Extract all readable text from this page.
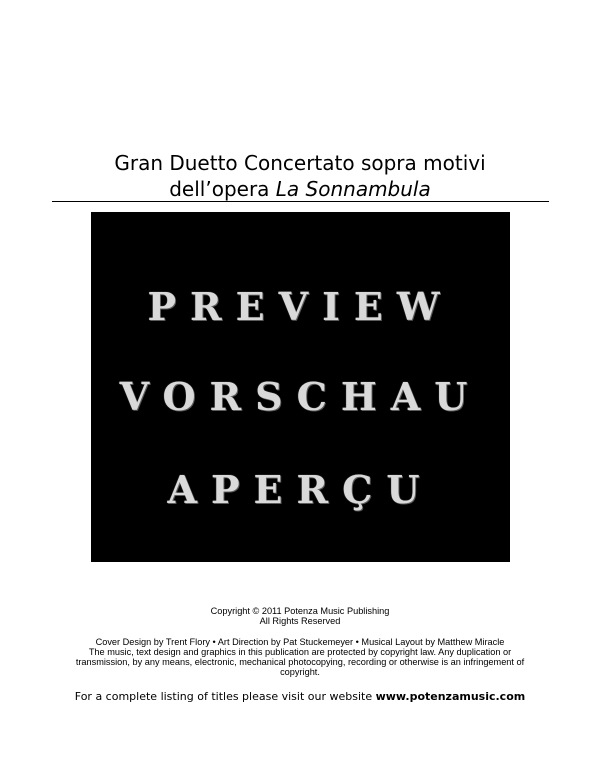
Gran Duetto Concertato sopra motivi
dell’opera La Sonnambula
PREVIEW
VORSCHAU
APERÇU
Copyright © 2011 Potenza Music Publishing
All Rights Reserved
Cover Design by Trent Flory • Art Direction by Pat Stuckemeyer • Musical Layout by Matthew Miracle
The music, text design and graphics in this publication are protected by copyright law. Any duplication or
transmission, by any means, electronic, mechanical photocopying, recording or otherwise is an infringement of
copyright.
For a complete listing of titles please visit our website www.potenzamusic.com
